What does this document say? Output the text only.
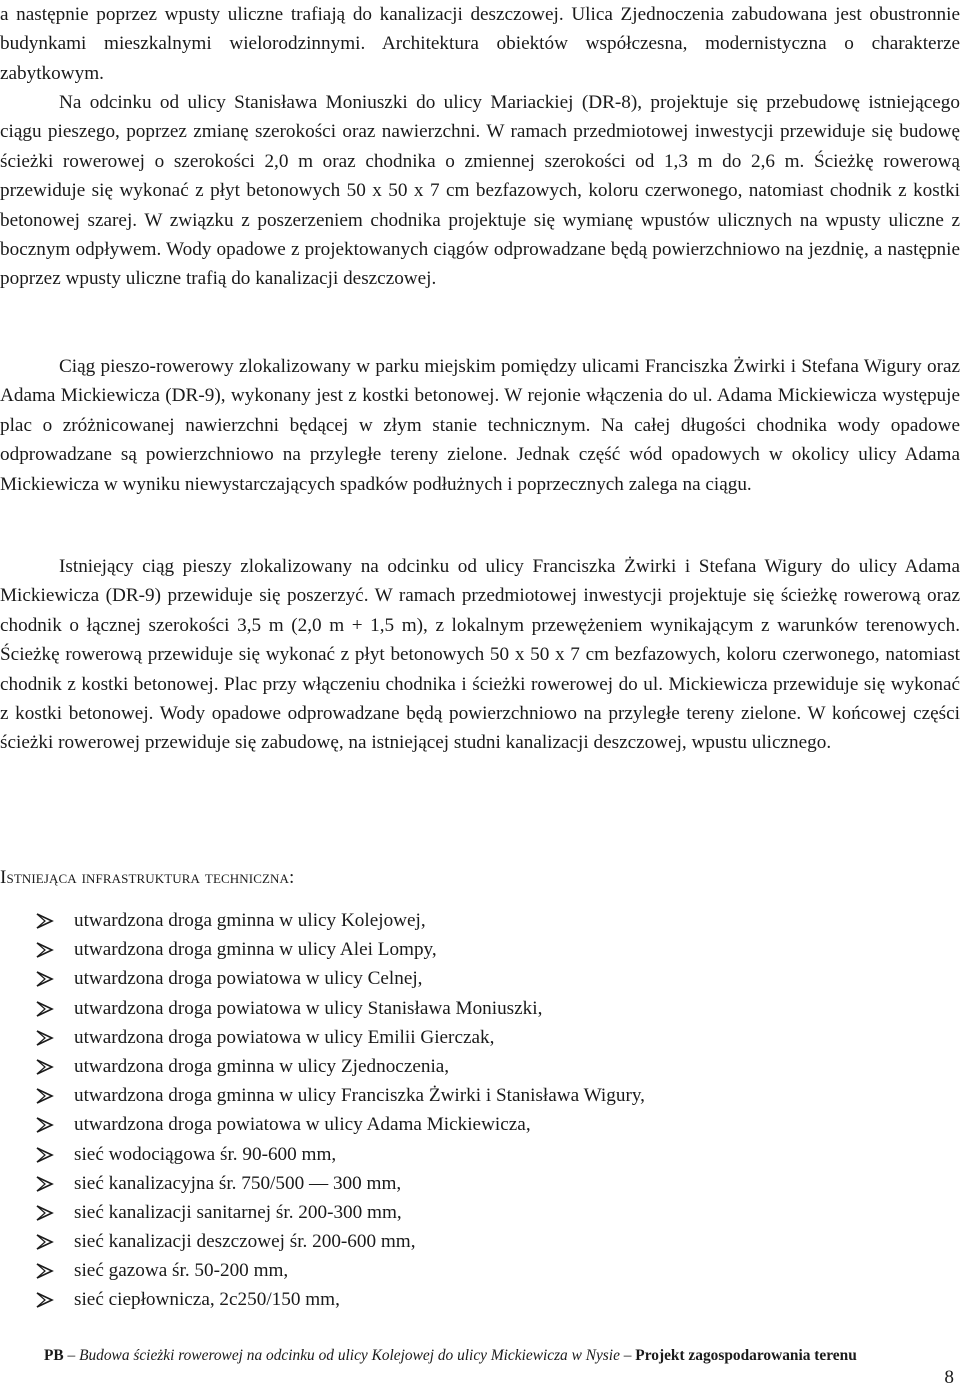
a następnie poprzez wpusty uliczne trafiają do kanalizacji deszczowej. Ulica Zjednoczenia zabudowana jest obustronnie budynkami mieszkalnymi wielorodzinnymi. Architektura obiektów współczesna, modernistyczna o charakterze zabytkowym.

Na odcinku od ulicy Stanisława Moniuszki do ulicy Mariackiej (DR-8), projektuje się przebudowę istniejącego ciągu pieszego, poprzez zmianę szerokości oraz nawierzchni. W ramach przedmiotowej inwestycji przewiduje się budowę ścieżki rowerowej o szerokości 2,0 m oraz chodnika o zmiennej szerokości od 1,3 m do 2,6 m. Ścieżkę rowerową przewiduje się wykonać z płyt betonowych 50 x 50 x 7 cm bezfazowych, koloru czerwonego, natomiast chodnik z kostki betonowej szarej. W związku z poszerzeniem chodnika projektuje się wymianę wpustów ulicznych na wpusty uliczne z bocznym odpływem. Wody opadowe z projektowanych ciągów odprowadzane będą powierzchniowo na jezdnię, a następnie poprzez wpusty uliczne trafią do kanalizacji deszczowej.

Ciąg pieszo-rowerowy zlokalizowany w parku miejskim pomiędzy ulicami Franciszka Żwirki i Stefana Wigury oraz Adama Mickiewicza (DR-9), wykonany jest z kostki betonowej. W rejonie włączenia do ul. Adama Mickiewicza występuje plac o zróżnicowanej nawierzchni będącej w złym stanie technicznym. Na całej długości chodnika wody opadowe odprowadzane są powierzchniowo na przyległe tereny zielone. Jednak część wód opadowych w okolicy ulicy Adama Mickiewicza w wyniku niewystarczających spadków podłużnych i poprzecznych zalega na ciągu.

Istniejący ciąg pieszy zlokalizowany na odcinku od ulicy Franciszka Żwirki i Stefana Wigury do ulicy Adama Mickiewicza (DR-9) przewiduje się poszerzyć. W ramach przedmiotowej inwestycji projektuje się ścieżkę rowerową oraz chodnik o łącznej szerokości 3,5 m (2,0 m + 1,5 m), z lokalnym przewężeniem wynikającym z warunków terenowych. Ścieżkę rowerową przewiduje się wykonać z płyt betonowych 50 x 50 x 7 cm bezfazowych, koloru czerwonego, natomiast chodnik z kostki betonowej. Plac przy włączeniu chodnika i ścieżki rowerowej do ul. Mickiewicza przewiduje się wykonać z kostki betonowej. Wody opadowe odprowadzane będą powierzchniowo na przyległe tereny zielone. W końcowej części ścieżki rowerowej przewiduje się zabudowę, na istniejącej studni kanalizacji deszczowej, wpustu ulicznego.

Istniejąca infrastruktura techniczna:

utwardzona droga gminna w ulicy Kolejowej,
utwardzona droga gminna w ulicy Alei Lompy,
utwardzona droga powiatowa w ulicy Celnej,
utwardzona droga powiatowa w ulicy Stanisława Moniuszki,
utwardzona droga powiatowa w ulicy Emilii Gierczak,
utwardzona droga gminna w ulicy Zjednoczenia,
utwardzona droga gminna w ulicy Franciszka Żwirki i Stanisława Wigury,
utwardzona droga powiatowa w ulicy Adama Mickiewicza,
sieć wodociągowa śr. 90-600 mm,
sieć kanalizacyjna śr. 750/500 — 300 mm,
sieć kanalizacji sanitarnej śr. 200-300 mm,
sieć kanalizacji deszczowej śr. 200-600 mm,
sieć gazowa śr. 50-200 mm,
sieć ciepłownicza, 2c250/150 mm,
PB – Budowa ścieżki rowerowej na odcinku od ulicy Kolejowej do ulicy Mickiewicza w Nysie – Projekt zagospodarowania terenu
8
